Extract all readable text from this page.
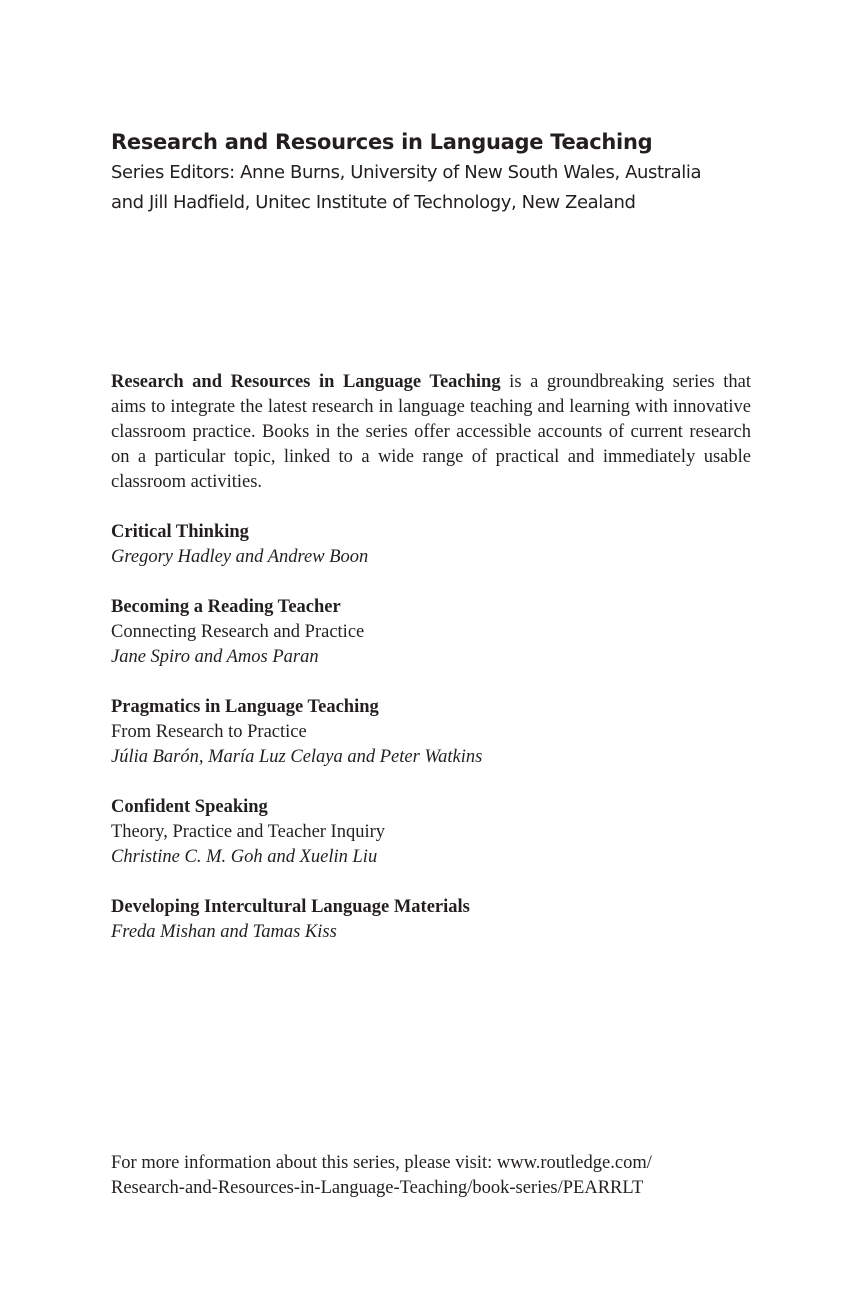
Research and Resources in Language Teaching

Series Editors: Anne Burns, University of New South Wales, Australia

and Jill Hadfield, Unitec Institute of Technology, New Zealand

Research and Resources in Language Teaching is a groundbreaking series that aims to integrate the latest research in language teaching and learning with innovative classroom practice. Books in the series offer accessible accounts of current research on a particular topic, linked to a wide range of practical and immediately usable classroom activities.

Critical Thinking
Gregory Hadley and Andrew Boon
Becoming a Reading Teacher
Connecting Research and Practice
Jane Spiro and Amos Paran
Pragmatics in Language Teaching
From Research to Practice
Júlia Barón, María Luz Celaya and Peter Watkins
Confident Speaking
Theory, Practice and Teacher Inquiry
Christine C. M. Goh and Xuelin Liu
Developing Intercultural Language Materials
Freda Mishan and Tamas Kiss

For more information about this series, please visit: www.routledge.com/
Research-and-Resources-in-Language-Teaching/book-series/PEARRLT
